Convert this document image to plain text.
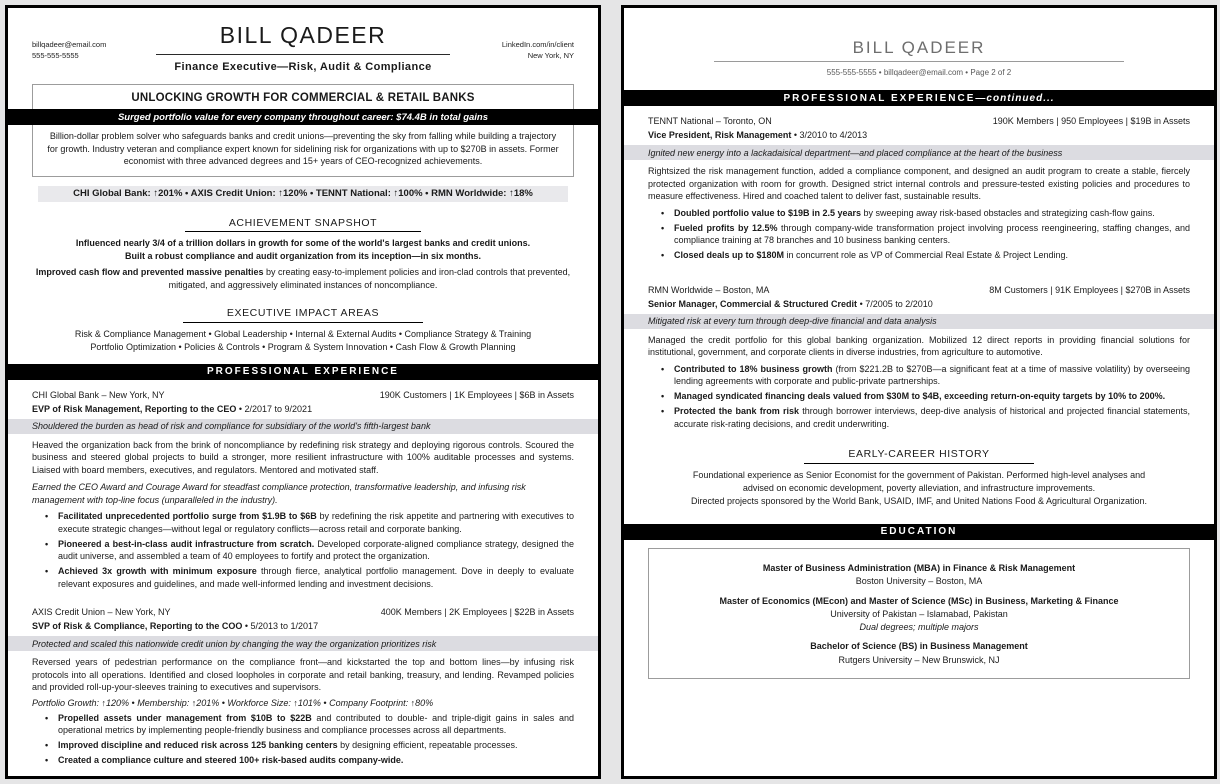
billqadeer@email.com
555-555-5555
BILL QADEER
Finance Executive—Risk, Audit & Compliance
LinkedIn.com/in/client
New York, NY
UNLOCKING GROWTH FOR COMMERCIAL & RETAIL BANKS
Surged portfolio value for every company throughout career: $74.4B in total gains
Billion-dollar problem solver who safeguards banks and credit unions—preventing the sky from falling while building a trajectory for growth. Industry veteran and compliance expert known for sidelining risk for organizations with up to $270B in assets. Former economist with three advanced degrees and 15+ years of CEO-recognized achievements.
CHI Global Bank: ↑201% • AXIS Credit Union: ↑120% • TENNT National: ↑100% • RMN Worldwide: ↑18%
ACHIEVEMENT SNAPSHOT
Influenced nearly 3/4 of a trillion dollars in growth for some of the world's largest banks and credit unions.
Built a robust compliance and audit organization from its inception—in six months.
Improved cash flow and prevented massive penalties by creating easy-to-implement policies and iron-clad controls that prevented, mitigated, and aggressively eliminated instances of noncompliance.
EXECUTIVE IMPACT AREAS
Risk & Compliance Management • Global Leadership • Internal & External Audits • Compliance Strategy & Training
Portfolio Optimization • Policies & Controls • Program & System Innovation • Cash Flow & Growth Planning
PROFESSIONAL EXPERIENCE
CHI Global Bank – New York, NY	190K Customers | 1K Employees | $6B in Assets
EVP of Risk Management, Reporting to the CEO • 2/2017 to 9/2021
Shouldered the burden as head of risk and compliance for subsidiary of the world's fifth-largest bank
Heaved the organization back from the brink of noncompliance by redefining risk strategy and deploying rigorous controls. Scoured the business and steered global projects to build a stronger, more resilient infrastructure with 100% auditable processes and systems. Liaised with board members, executives, and regulators. Mentored and motivated staff.
Earned the CEO Award and Courage Award for steadfast compliance protection, transformative leadership, and infusing risk management with top-line focus (unparalleled in the industry).
• Facilitated unprecedented portfolio surge from $1.9B to $6B by redefining the risk appetite and partnering with executives to execute strategic changes—without legal or regulatory conflicts—across retail and corporate banking.
• Pioneered a best-in-class audit infrastructure from scratch. Developed corporate-aligned compliance strategy, designed the audit universe, and assembled a team of 40 employees to fortify and protect the organization.
• Achieved 3x growth with minimum exposure through fierce, analytical portfolio management. Dove in deeply to evaluate relevant exposures and guidelines, and made well-informed lending and investment decisions.
AXIS Credit Union – New York, NY	400K Members | 2K Employees | $22B in Assets
SVP of Risk & Compliance, Reporting to the COO • 5/2013 to 1/2017
Protected and scaled this nationwide credit union by changing the way the organization prioritizes risk
Reversed years of pedestrian performance on the compliance front—and kickstarted the top and bottom lines—by infusing risk protocols into all operations. Identified and closed loopholes in corporate and retail banking, treasury, and lending. Revamped policies and provided roll-up-your-sleeves training to executives and supervisors.
Portfolio Growth: ↑120% • Membership: ↑201% • Workforce Size: ↑101% • Company Footprint: ↑80%
• Propelled assets under management from $10B to $22B and contributed to double- and triple-digit gains in sales and operational metrics by implementing people-friendly business and compliance processes across all departments.
• Improved discipline and reduced risk across 125 banking centers by designing efficient, repeatable processes.
• Created a compliance culture and steered 100+ risk-based audits company-wide.
BILL QADEER
555-555-5555 • billqadeer@email.com • Page 2 of 2
PROFESSIONAL EXPERIENCE—continued...
TENNT National – Toronto, ON	190K Members | 950 Employees | $19B in Assets
Vice President, Risk Management • 3/2010 to 4/2013
Ignited new energy into a lackadaisical department—and placed compliance at the heart of the business
Rightsized the risk management function, added a compliance component, and designed an audit program to create a stable, fiercely protected organization with room for growth. Designed strict internal controls and pressure-tested existing policies and procedures to measure effectiveness. Hired and coached talent to deliver fast, sustainable results.
• Doubled portfolio value to $19B in 2.5 years by sweeping away risk-based obstacles and strategizing cash-flow gains.
• Fueled profits by 12.5% through company-wide transformation project involving process reengineering, staffing changes, and compliance training at 78 branches and 10 business banking centers.
• Closed deals up to $180M in concurrent role as VP of Commercial Real Estate & Project Lending.
RMN Worldwide – Boston, MA	8M Customers | 91K Employees | $270B in Assets
Senior Manager, Commercial & Structured Credit • 7/2005 to 2/2010
Mitigated risk at every turn through deep-dive financial and data analysis
Managed the credit portfolio for this global banking organization. Mobilized 12 direct reports in providing financial solutions for institutional, government, and corporate clients in diverse industries, from agriculture to automotive.
• Contributed to 18% business growth (from $221.2B to $270B—a significant feat at a time of massive volatility) by overseeing lending agreements with corporate and public-private partnerships.
• Managed syndicated financing deals valued from $30M to $4B, exceeding return-on-equity targets by 10% to 200%.
• Protected the bank from risk through borrower interviews, deep-dive analysis of historical and projected financial statements, accurate risk-rating decisions, and credit underwriting.
EARLY-CAREER HISTORY
Foundational experience as Senior Economist for the government of Pakistan. Performed high-level analyses and
advised on economic development, poverty alleviation, and infrastructure improvements.
Directed projects sponsored by the World Bank, USAID, IMF, and United Nations Food & Agricultural Organization.
EDUCATION
Master of Business Administration (MBA) in Finance & Risk Management
Boston University – Boston, MA
Master of Economics (MEcon) and Master of Science (MSc) in Business, Marketing & Finance
University of Pakistan – Islamabad, Pakistan
Dual degrees; multiple majors
Bachelor of Science (BS) in Business Management
Rutgers University – New Brunswick, NJ
